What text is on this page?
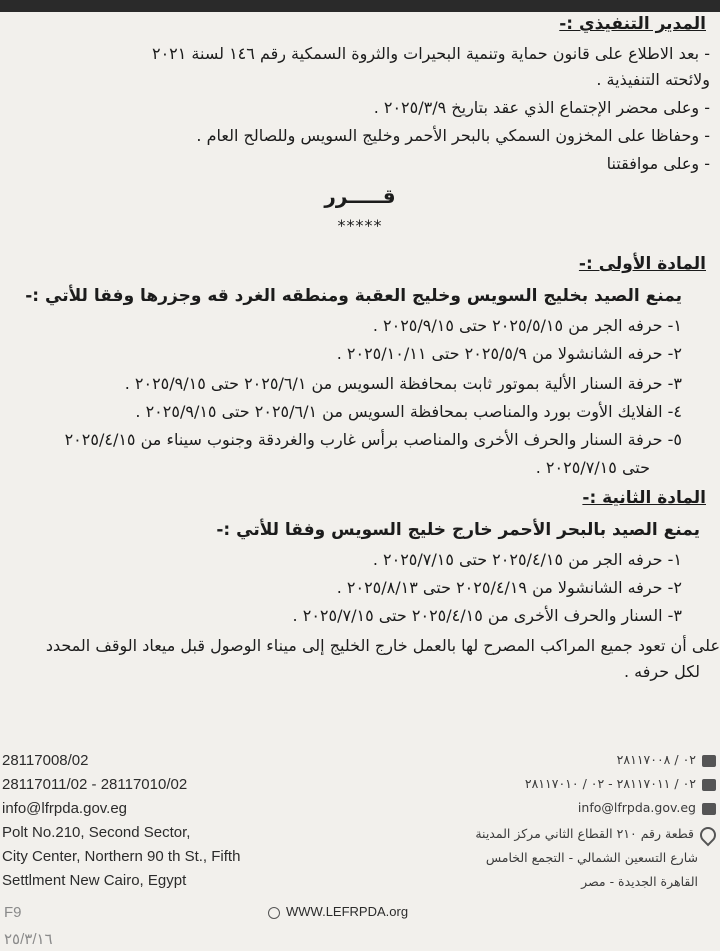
المدير التنفيذي :-
- بعد الاطلاع على قانون حماية وتنمية البحيرات والثروة السمكية رقم ١٤٦ لسنة ٢٠٢١
ولائحته التنفيذية .
- وعلى محضر الإجتماع الذي عقد بتاريخ ٢٠٢٥/٣/٩ .
- وحفاظا على المخزون السمكي بالبحر الأحمر وخليج السويس وللصالح العام .
- وعلى موافقتنا
قـــــرر
*****
المادة الأولى :-
يمنع الصيد بخليج السويس وخليج العقبة ومنطقه الغرد قه وجزرها وفقا للأتي :-
١- حرفه الجر من ٢٠٢٥/٥/١٥ حتى ٢٠٢٥/٩/١٥ .
٢- حرفه الشانشولا من ٢٠٢٥/٥/٩ حتى ٢٠٢٥/١٠/١١ .
٣- حرفة السنار الألية بموتور ثابت بمحافظة السويس من ٢٠٢٥/٦/١ حتى ٢٠٢٥/٩/١٥ .
٤- الفلايك الأوت بورد والمناصب بمحافظة السويس من ٢٠٢٥/٦/١ حتى ٢٠٢٥/٩/١٥ .
٥- حرفة السنار والحرف الأخرى والمناصب برأس غارب والغردقة وجنوب سيناء من ٢٠٢٥/٤/١٥
حتى ٢٠٢٥/٧/١٥ .
المادة الثانية :-
يمنع الصيد بالبحر الأحمر خارج خليج السويس وفقا للأتي :-
١- حرفه الجر من ٢٠٢٥/٤/١٥ حتى ٢٠٢٥/٧/١٥ .
٢- حرفه الشانشولا من ٢٠٢٥/٤/١٩ حتى ٢٠٢٥/٨/١٣ .
٣- السنار والحرف الأخرى من ٢٠٢٥/٤/١٥ حتى ٢٠٢٥/٧/١٥ .
على أن تعود جميع المراكب المصرح لها بالعمل خارج الخليج إلى ميناء الوصول قبل ميعاد الوقف المحدد
لكل حرفه .
28117008/02
28117011/02 - 28117010/02
info@lfrpda.gov.eg
Polt No.210, Second Sector,
City Center, Northern 90 th St., Fifth
Settlment New Cairo, Egypt
٠٢ / ٢٨١١٧٠٠٨
٠٢ / ٢٨١١٧٠١١ - ٠٢ / ٢٨١١٧٠١٠
info@lfrpda.gov.eg
قطعة رقم ٢١٠ القطاع الثاني مركز المدينة
شارع التسعين الشمالي - التجمع الخامس
القاهرة الجديدة - مصر
WWW.LEFRPDA.org
F9
٢٥/٣/١٦
